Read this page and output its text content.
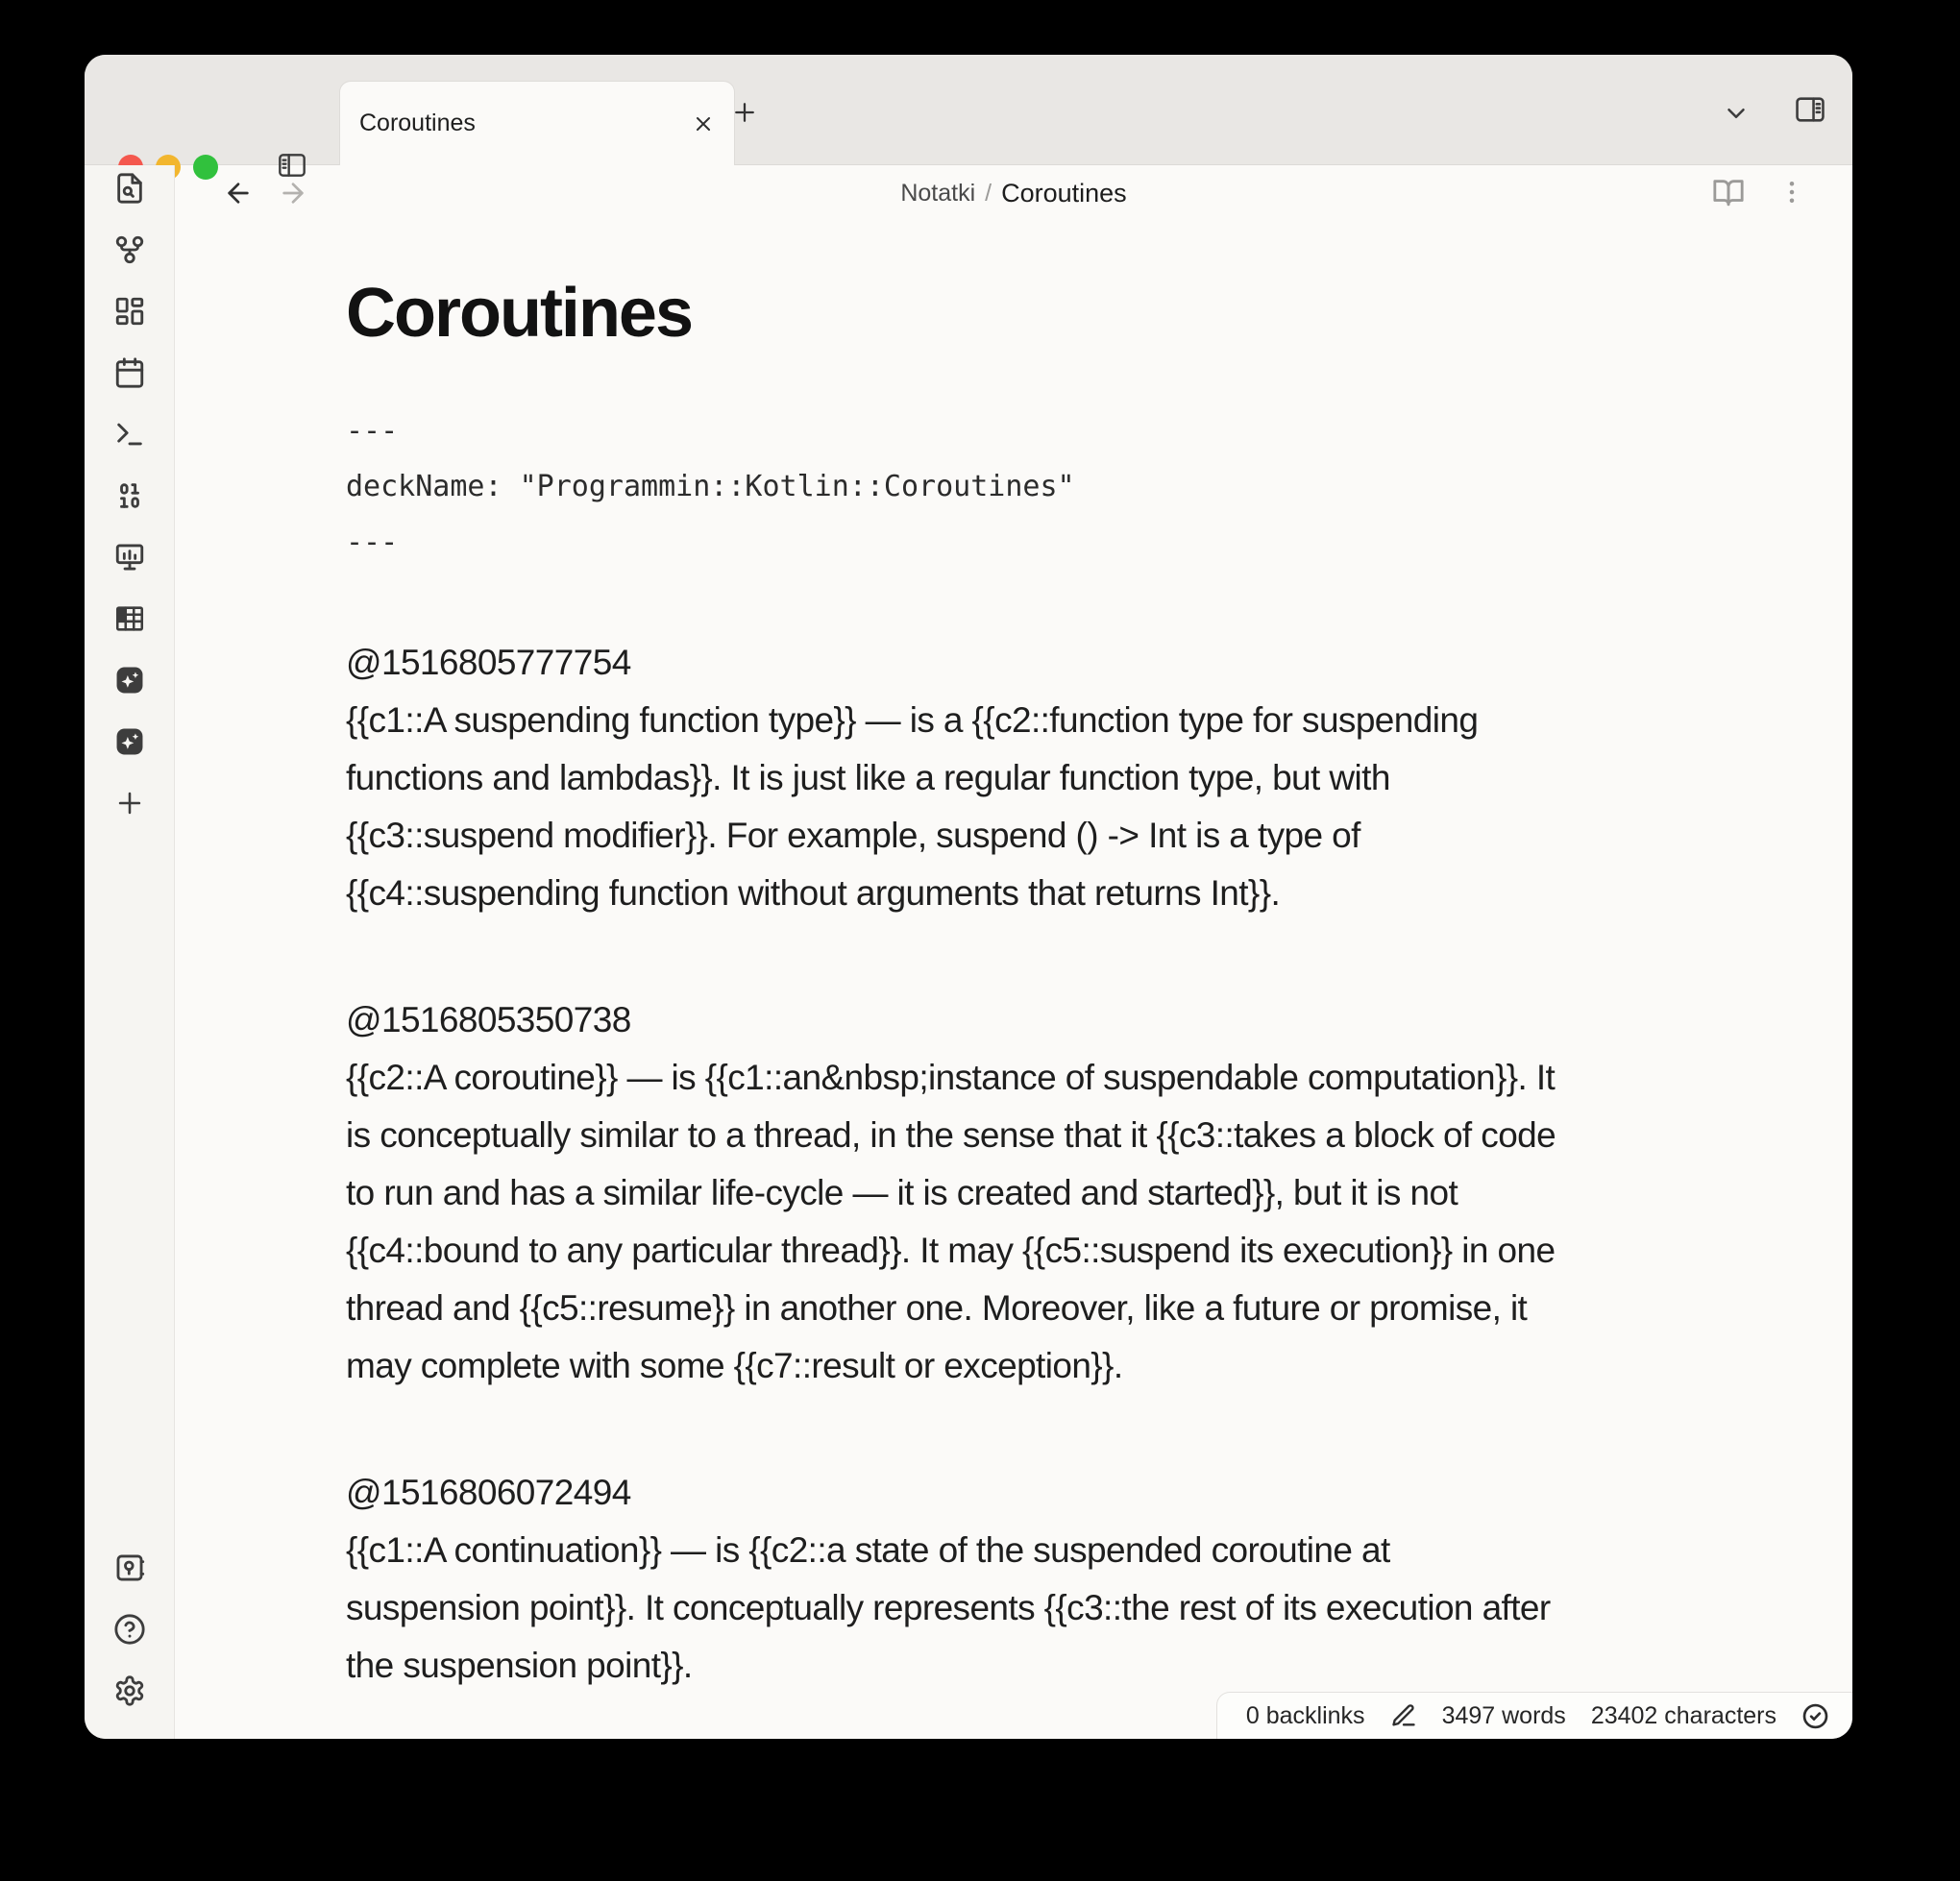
Coroutines
Notatki / Coroutines
Coroutines
---
deckName: "Programmin::Kotlin::Coroutines"
---
@1516805777754
{{c1::A suspending function type}} — is a {{c2::function type for suspending
functions and lambdas}}. It is just like a regular function type, but with
{{c3::suspend modifier}}. For example, suspend () -> Int is a type of
{{c4::suspending function without arguments that returns Int}}.
@1516805350738
{{c2::A coroutine}} — is {{c1::an&nbsp;instance of suspendable computation}}. It
is conceptually similar to a thread, in the sense that it {{c3::takes a block of code
to run and has a similar life-cycle — it is created and started}}, but it is not
{{c4::bound to any particular thread}}. It may {{c5::suspend its execution}} in one
thread and {{c5::resume}} in another one. Moreover, like a future or promise, it
may complete with some {{c7::result or exception}}.
@1516806072494
{{c1::A continuation}} — is {{c2::a state of the suspended coroutine at
suspension point}}. It conceptually represents {{c3::the rest of its execution after
the suspension point}}.
0 backlinks	3497 words 23402 characters
